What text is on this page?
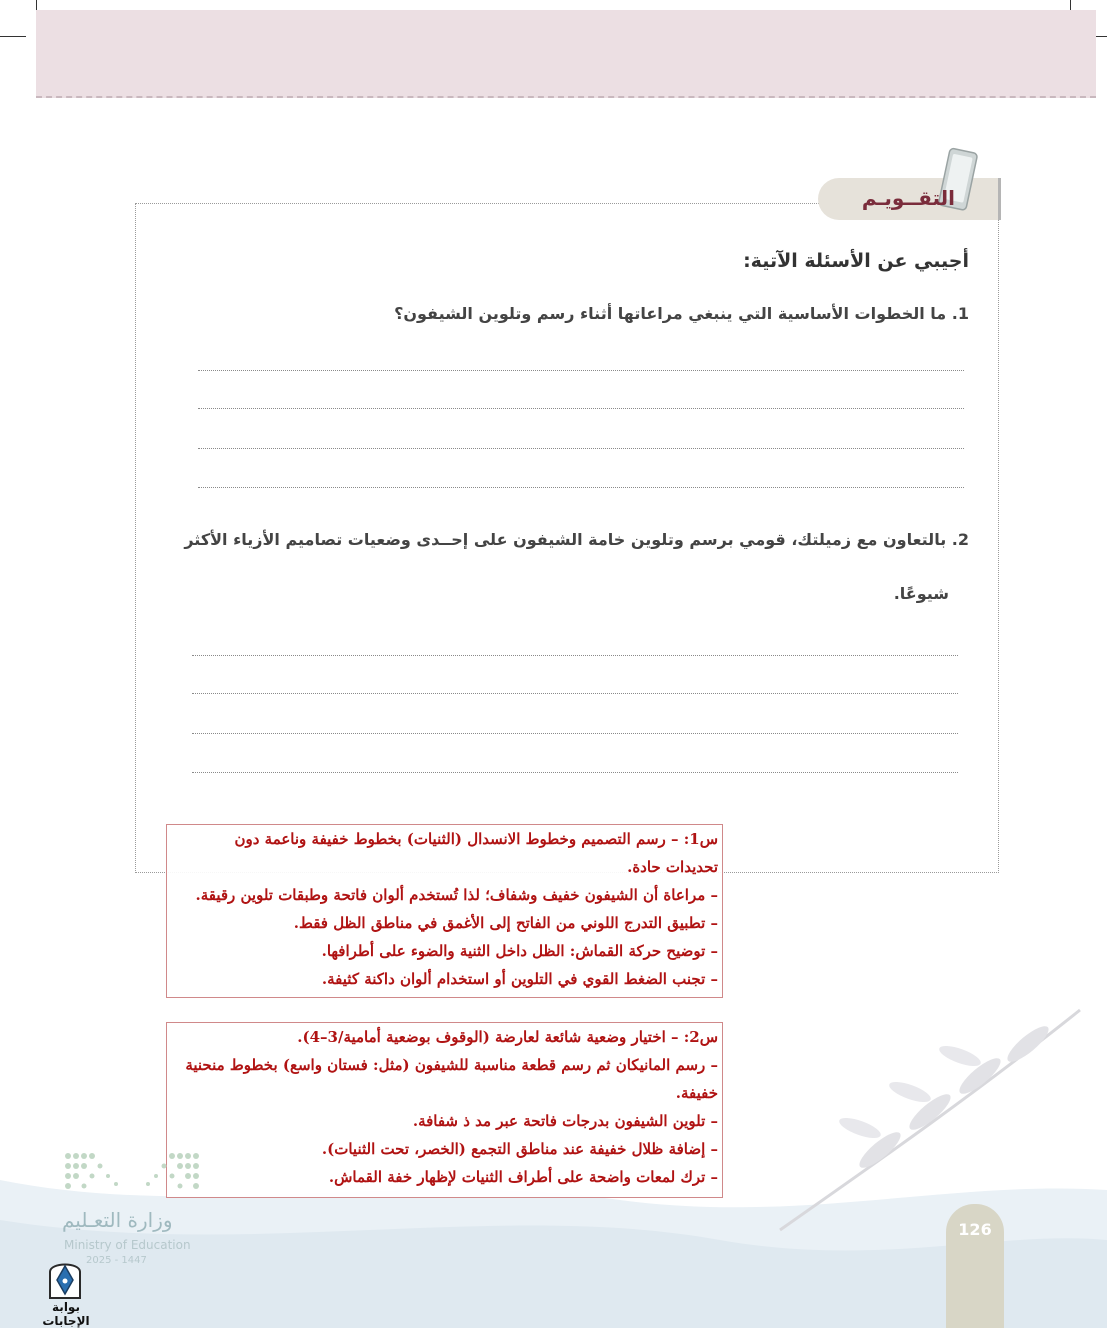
التقــويـم
أجيبي عن الأسئلة الآتية:
1. ما الخطوات الأساسية التي ينبغي مراعاتها أثناء رسم وتلوين الشيفون؟
2. بالتعاون مع زميلتك، قومي برسم وتلوين خامة الشيفون على إحــدى وضعيات تصاميم الأزياء الأكثر
شيوعًا.
س1: – رسم التصميم وخطوط الانسدال (الثنيات) بخطوط خفيفة وناعمة دون
تحديدات حادة.
– مراعاة أن الشيفون خفيف وشفاف؛ لذا تُستخدم ألوان فاتحة وطبقات تلوين رقيقة.
– تطبيق التدرج اللوني من الفاتح إلى الأغمق في مناطق الظل فقط.
– توضيح حركة القماش: الظل داخل الثنية والضوء على أطرافها.
– تجنب الضغط القوي في التلوين أو استخدام ألوان داكنة كثيفة.
س2: – اختيار وضعية شائعة لعارضة (الوقوف بوضعية أمامية/3–4).
– رسم المانيكان ثم رسم قطعة مناسبة للشيفون (مثل: فستان واسع) بخطوط منحنية
خفيفة.
– تلوين الشيفون بدرجات فاتحة عبر مد ذ شفافة.
– إضافة ظلال خفيفة عند مناطق التجمع (الخصر، تحت الثنيات).
– ترك لمعات واضحة على أطراف الثنيات لإظهار خفة القماش.
وزارة التعـليم
Ministry of Education
2025 - 1447
بوابة الإجابات
126
